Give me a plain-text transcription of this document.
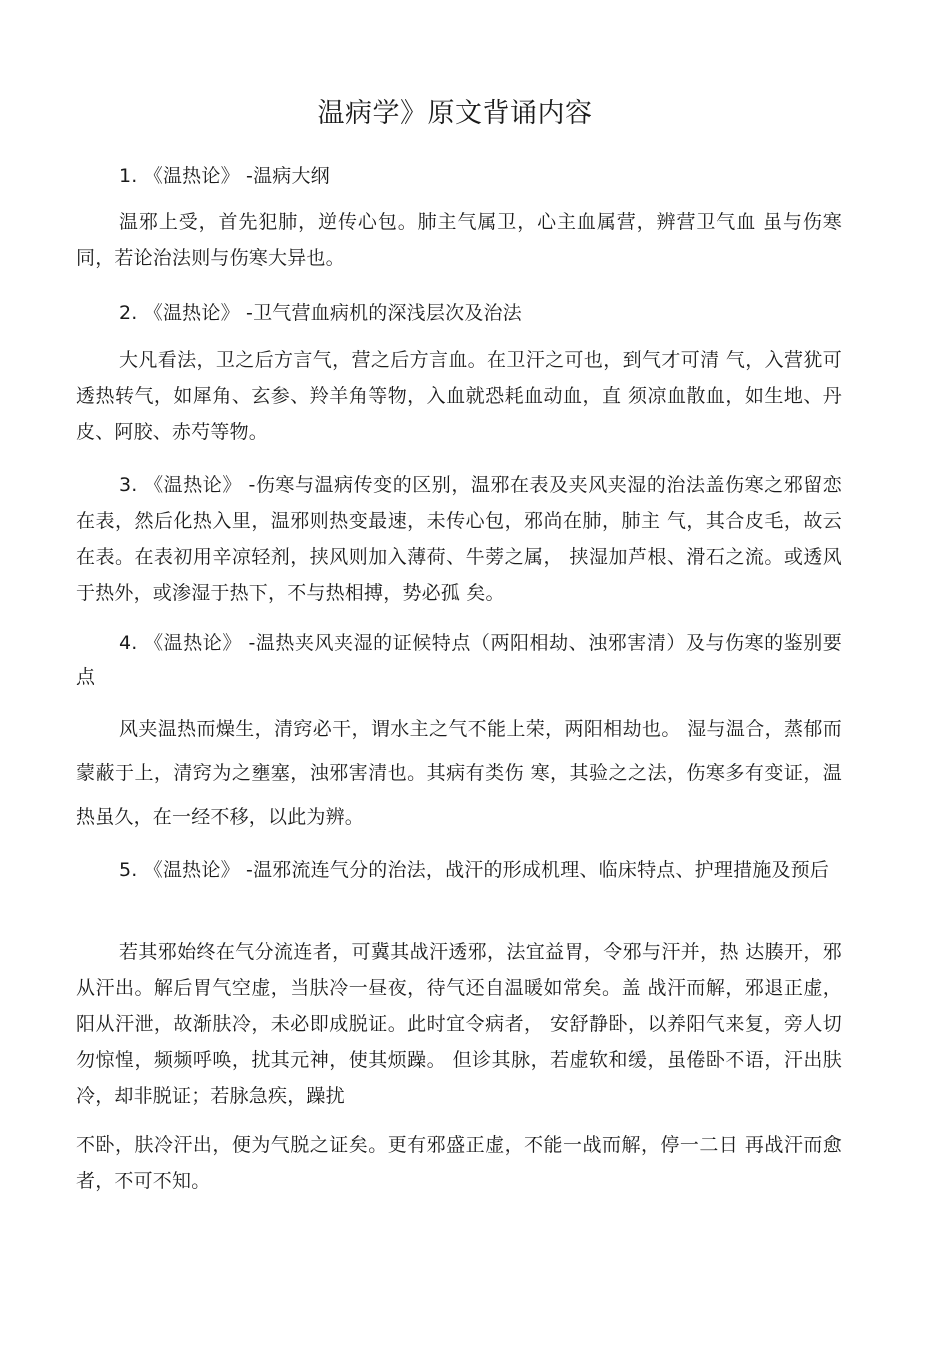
温病学》原文背诵内容
1. 《温热论》 -温病大纲
温邪上受，首先犯肺，逆传心包。肺主气属卫，心主血属营，辨营卫气血 虽与伤寒同，若论治法则与伤寒大异也。
2. 《温热论》 -卫气营血病机的深浅层次及治法
大凡看法，卫之后方言气，营之后方言血。在卫汗之可也，到气才可清 气，入营犹可透热转气，如犀角、玄参、羚羊角等物，入血就恐耗血动血，直 须凉血散血，如生地、丹皮、阿胶、赤芍等物。
3. 《温热论》 -伤寒与温病传变的区别，温邪在表及夹风夹湿的治法盖伤寒之邪留恋在表，然后化热入里，温邪则热变最速，未传心包，邪尚在肺，肺主 气，其合皮毛，故云在表。在表初用辛凉轻剂，挟风则加入薄荷、牛蒡之属， 挟湿加芦根、滑石之流。或透风于热外，或渗湿于热下，不与热相搏，势必孤 矣。
4. 《温热论》 -温热夹风夹湿的证候特点（两阳相劫、浊邪害清）及与伤寒的鉴别要点
风夹温热而燥生，清窍必干，谓水主之气不能上荣，两阳相劫也。 湿与温合，蒸郁而蒙蔽于上，清窍为之壅塞，浊邪害清也。其病有类伤 寒，其验之之法，伤寒多有变证，温热虽久，在一经不移，以此为辨。
5. 《温热论》 -温邪流连气分的治法，战汗的形成机理、临床特点、护理措施及预后
若其邪始终在气分流连者，可冀其战汗透邪，法宜益胃，令邪与汗并，热 达腠开，邪从汗出。解后胃气空虚，当肤冷一昼夜，待气还自温暖如常矣。盖 战汗而解，邪退正虚，阳从汗泄，故渐肤冷，未必即成脱证。此时宜令病者， 安舒静卧，以养阳气来复，旁人切勿惊惶，频频呼唤，扰其元神，使其烦躁。 但诊其脉，若虚软和缓，虽倦卧不语，汗出肤冷，却非脱证；若脉急疾，躁扰
不卧，肤冷汗出，便为气脱之证矣。更有邪盛正虚，不能一战而解，停一二日 再战汗而愈者，不可不知。
